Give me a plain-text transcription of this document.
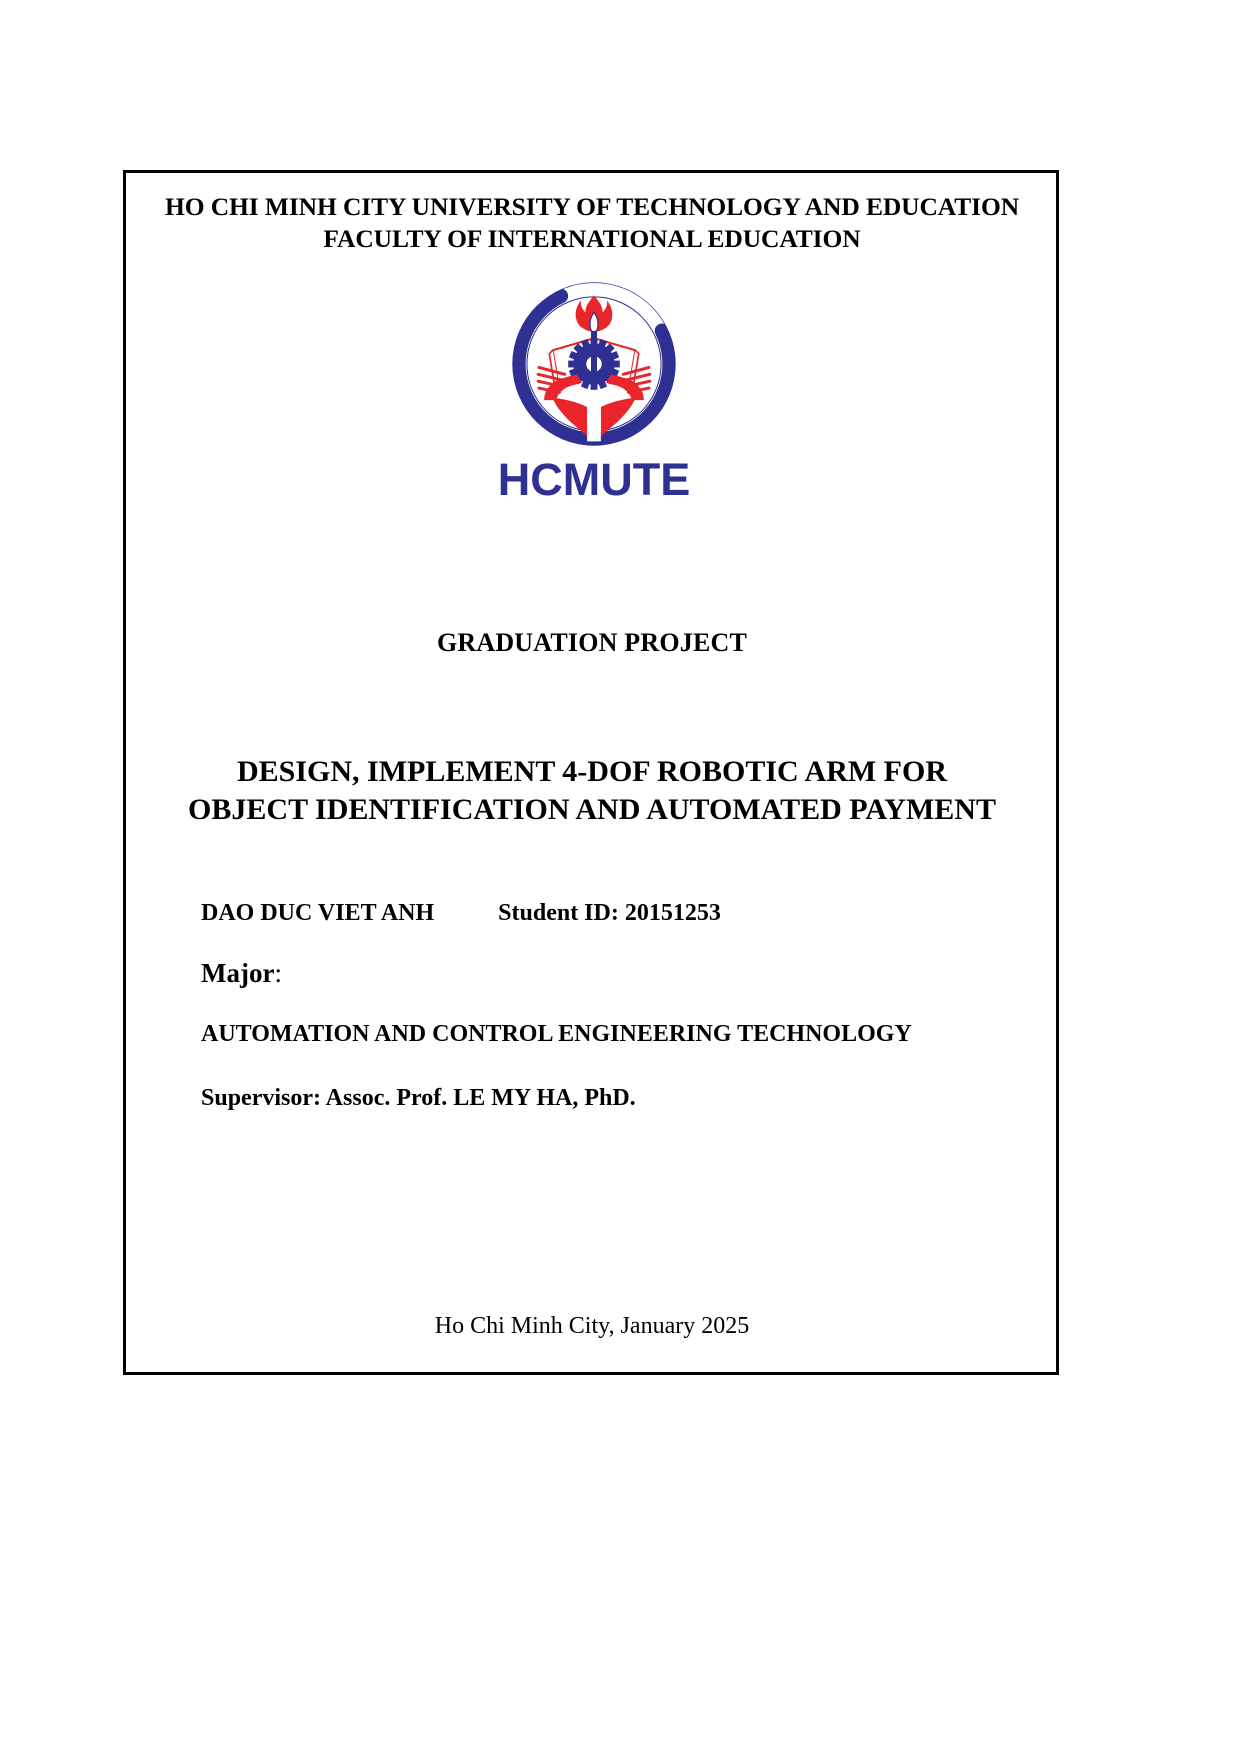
HO CHI MINH CITY UNIVERSITY OF TECHNOLOGY AND EDUCATION
FACULTY OF INTERNATIONAL EDUCATION
HCMUTE
GRADUATION PROJECT
DESIGN, IMPLEMENT 4-DOF ROBOTIC ARM FOR OBJECT IDENTIFICATION AND AUTOMATED PAYMENT
DAO DUC VIET ANH	Student ID: 20151253
Major:
AUTOMATION AND CONTROL ENGINEERING TECHNOLOGY
Supervisor: Assoc. Prof. LE MY HA, PhD.
Ho Chi Minh City, January 2025
